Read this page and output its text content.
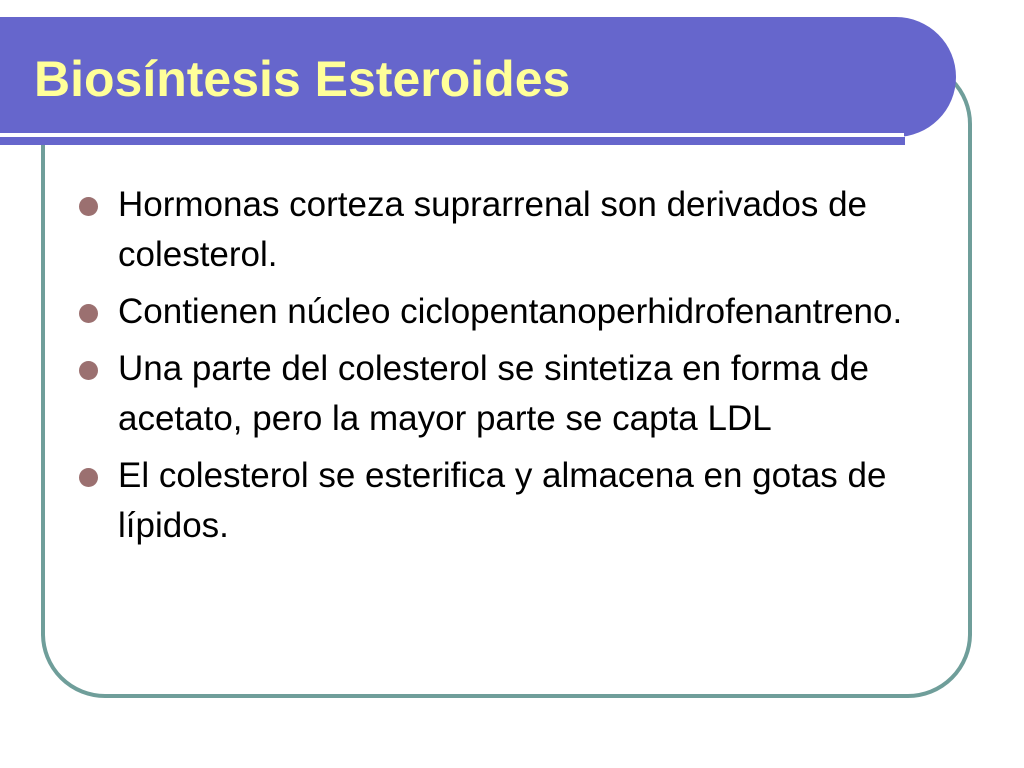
Biosíntesis Esteroides
Hormonas corteza suprarrenal son derivados de colesterol.
Contienen núcleo ciclopentanoperhidrofenantreno.
Una parte del colesterol se sintetiza en forma de acetato, pero la mayor parte se capta LDL
El colesterol se esterifica y almacena en gotas de lípidos.
